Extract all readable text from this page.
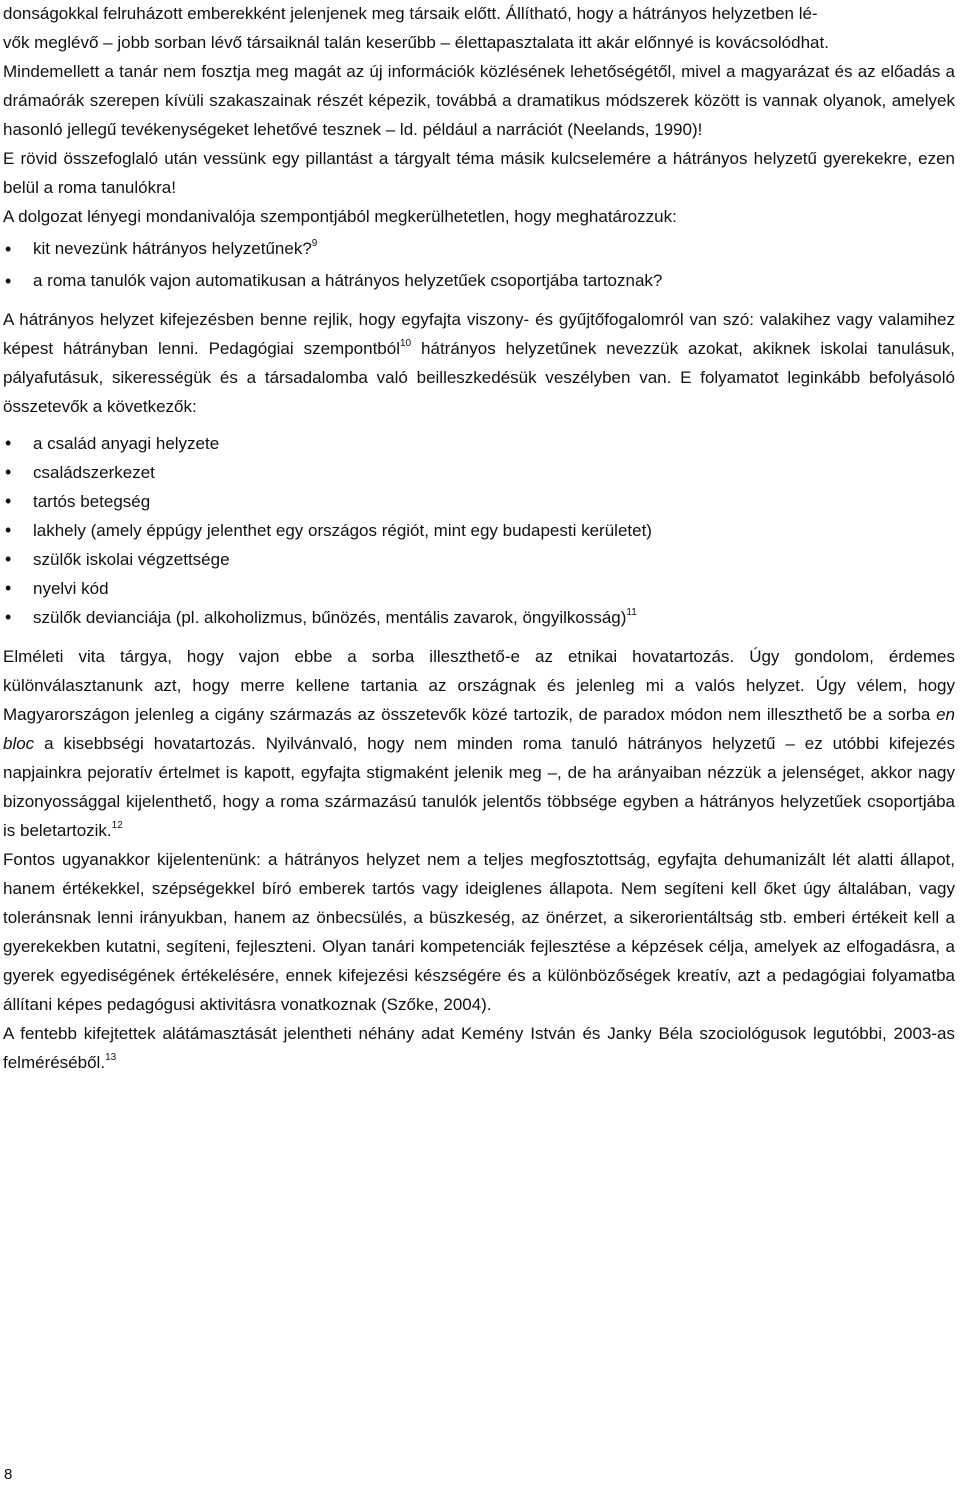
donságokkal felruházott emberekként jelenjenek meg társaik előtt. Állítható, hogy a hátrányos helyzetben lé-
vők meglévő – jobb sorban lévő társaiknál talán keserűbb – élettapasztalata itt akár előnnyé is kovácsolódhat.

Mindemellett a tanár nem fosztja meg magát az új információk közlésének lehetőségétől, mivel a magyarázat és az előadás a drámaórák szerepen kívüli szakaszainak részét képezik, továbbá a dramatikus módszerek között is vannak olyanok, amelyek hasonló jellegű tevékenységeket lehetővé tesznek – ld. például a narrációt (Neelands, 1990)!

E rövid összefoglaló után vessünk egy pillantást a tárgyalt téma másik kulcselemére a hátrányos helyzetű gyerekekre, ezen belül a roma tanulókra!

A dolgozat lényegi mondanivalója szempontjából megkerülhetetlen, hogy meghatározzuk:

• kit nevezünk hátrányos helyzetűnek?$^9$
• a roma tanulók vajon automatikusan a hátrányos helyzetűek csoportjába tartoznak?

A hátrányos helyzet kifejezésben benne rejlik, hogy egyfajta viszony- és gyűjtőfogalomról van szó: valakihez vagy valamihez képest hátrányban lenni. Pedagógiai szempontból$^{10}$ hátrányos helyzetűnek nevezzük azokat, akiknek iskolai tanulásuk, pályafutásuk, sikerességük és a társadalomba való beilleszkedésük veszélyben van. E folyamatot leginkább befolyásoló összetevők a következők:

• a család anyagi helyzete
• családszerkezet
• tartós betegség
• lakhely (amely éppúgy jelenthet egy országos régiót, mint egy budapesti kerületet)
• szülők iskolai végzettsége
• nyelvi kód
• szülők devianciája (pl. alkoholizmus, bűnözés, mentális zavarok, öngyilkosság)$^{11}$

Elméleti vita tárgya, hogy vajon ebbe a sorba illeszthető-e az etnikai hovatartozás. Úgy gondolom, érdemes különválasztanunk azt, hogy merre kellene tartania az országnak és jelenleg mi a valós helyzet. Úgy vélem, hogy Magyarországon jelenleg a cigány származás az összetevők közé tartozik, de paradox módon nem illeszthető be a sorba en bloc a kisebbségi hovatartozás. Nyilvánvaló, hogy nem minden roma tanuló hátrányos helyzetű – ez utóbbi kifejezés napjainkra pejoratív értelmet is kapott, egyfajta stigmaként jelenik meg –, de ha arányaiban nézzük a jelenséget, akkor nagy bizonyossággal kijelenthető, hogy a roma származású tanulók jelentős többsége egyben a hátrányos helyzetűek csoportjába is beletartozik.$^{12}$

Fontos ugyanakkor kijelentenünk: a hátrányos helyzet nem a teljes megfosztottság, egyfajta dehumanizált lét alatti állapot, hanem értékekkel, szépségekkel bíró emberek tartós vagy ideiglenes állapota. Nem segíteni kell őket úgy általában, vagy toleránsnak lenni irányukban, hanem az önbecsülés, a büszkeség, az önérzet, a sikerorientáltság stb. emberi értékeit kell a gyerekekben kutatni, segíteni, fejleszteni. Olyan tanári kompetenciák fejlesztése a képzések célja, amelyek az elfogadásra, a gyerek egyediségének értékelésére, ennek kifejezési készségére és a különbözőségek kreatív, azt a pedagógiai folyamatba állítani képes pedagógusi aktivitásra vonatkoznak (Szőke, 2004).

A fentebb kifejtettek alátámasztását jelentheti néhány adat Kemény István és Janky Béla szociológusok legutóbbi, 2003-as felméréséből.$^{13}$

8
